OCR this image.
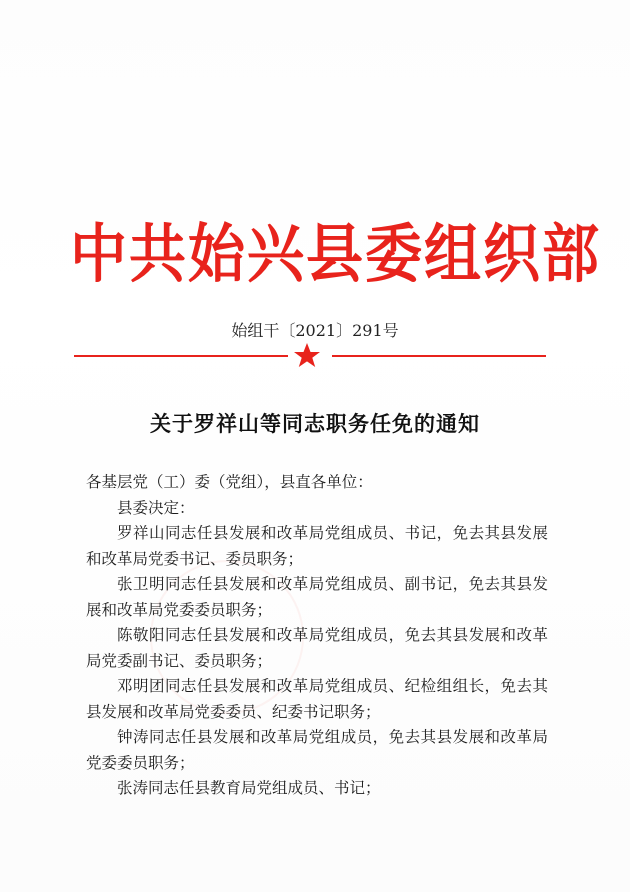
中共始兴县委组织部
始组干〔2021〕291号
关于罗祥山等同志职务任免的通知

各基层党（工）委（党组），县直各单位：

县委决定：

罗祥山同志任县发展和改革局党组成员、书记，免去其县发展和改革局党委书记、委员职务；

张卫明同志任县发展和改革局党组成员、副书记，免去其县发展和改革局党委委员职务；

陈敬阳同志任县发展和改革局党组成员，免去其县发展和改革局党委副书记、委员职务；

邓明团同志任县发展和改革局党组成员、纪检组组长，免去其县发展和改革局党委委员、纪委书记职务；

钟涛同志任县发展和改革局党组成员，免去其县发展和改革局党委委员职务；

张涛同志任县教育局党组成员、书记；
